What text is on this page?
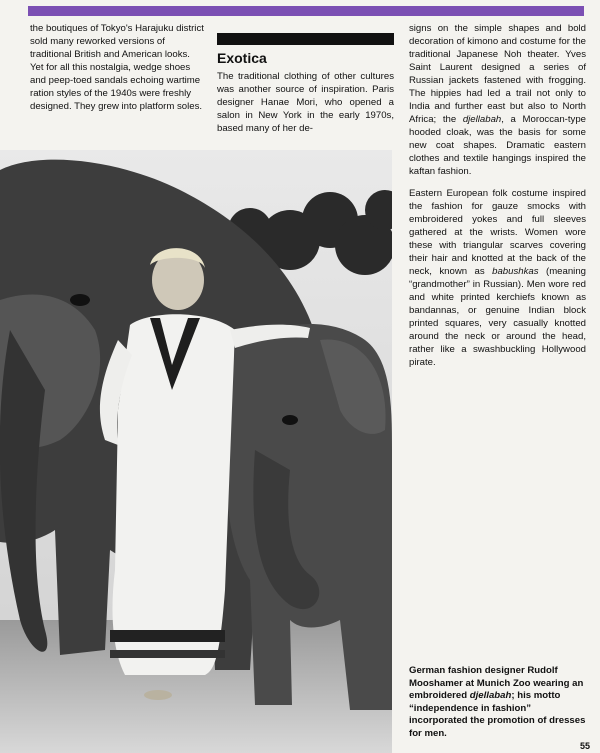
the boutiques of Tokyo's Harajuku district sold many reworked versions of traditional British and American looks. Yet for all this nostalgia, wedge shoes and peep-toed sandals echoing wartime ration styles of the 1940s were freshly designed. They grew into platform soles.

Exotica

The traditional clothing of other cultures was another source of inspiration. Paris designer Hanae Mori, who opened a salon in New York in the early 1970s, based many of her de-

signs on the simple shapes and bold decoration of kimono and costume for the traditional Japanese Noh theater. Yves Saint Laurent designed a series of Russian jackets fastened with frogging. The hippies had led a trail not only to India and further east but also to North Africa; the djellabah, a Moroccan-type hooded cloak, was the basis for some new coat shapes. Dramatic eastern clothes and textile hangings inspired the kaftan fashion.

Eastern European folk costume inspired the fashion for gauze smocks with embroidered yokes and full sleeves gathered at the wrists. Women wore these with triangular scarves covering their hair and knotted at the back of the neck, known as babushkas (meaning “grandmother” in Russian). Men wore red and white printed kerchiefs known as bandannas, or genuine Indian block printed squares, very casually knotted around the neck or around the head, rather like a swashbuckling Hollywood pirate.

German fashion designer Rudolf Mooshamer at Munich Zoo wearing an embroidered djellabah; his motto “independence in fashion” incorporated the promotion of dresses for men.
55
